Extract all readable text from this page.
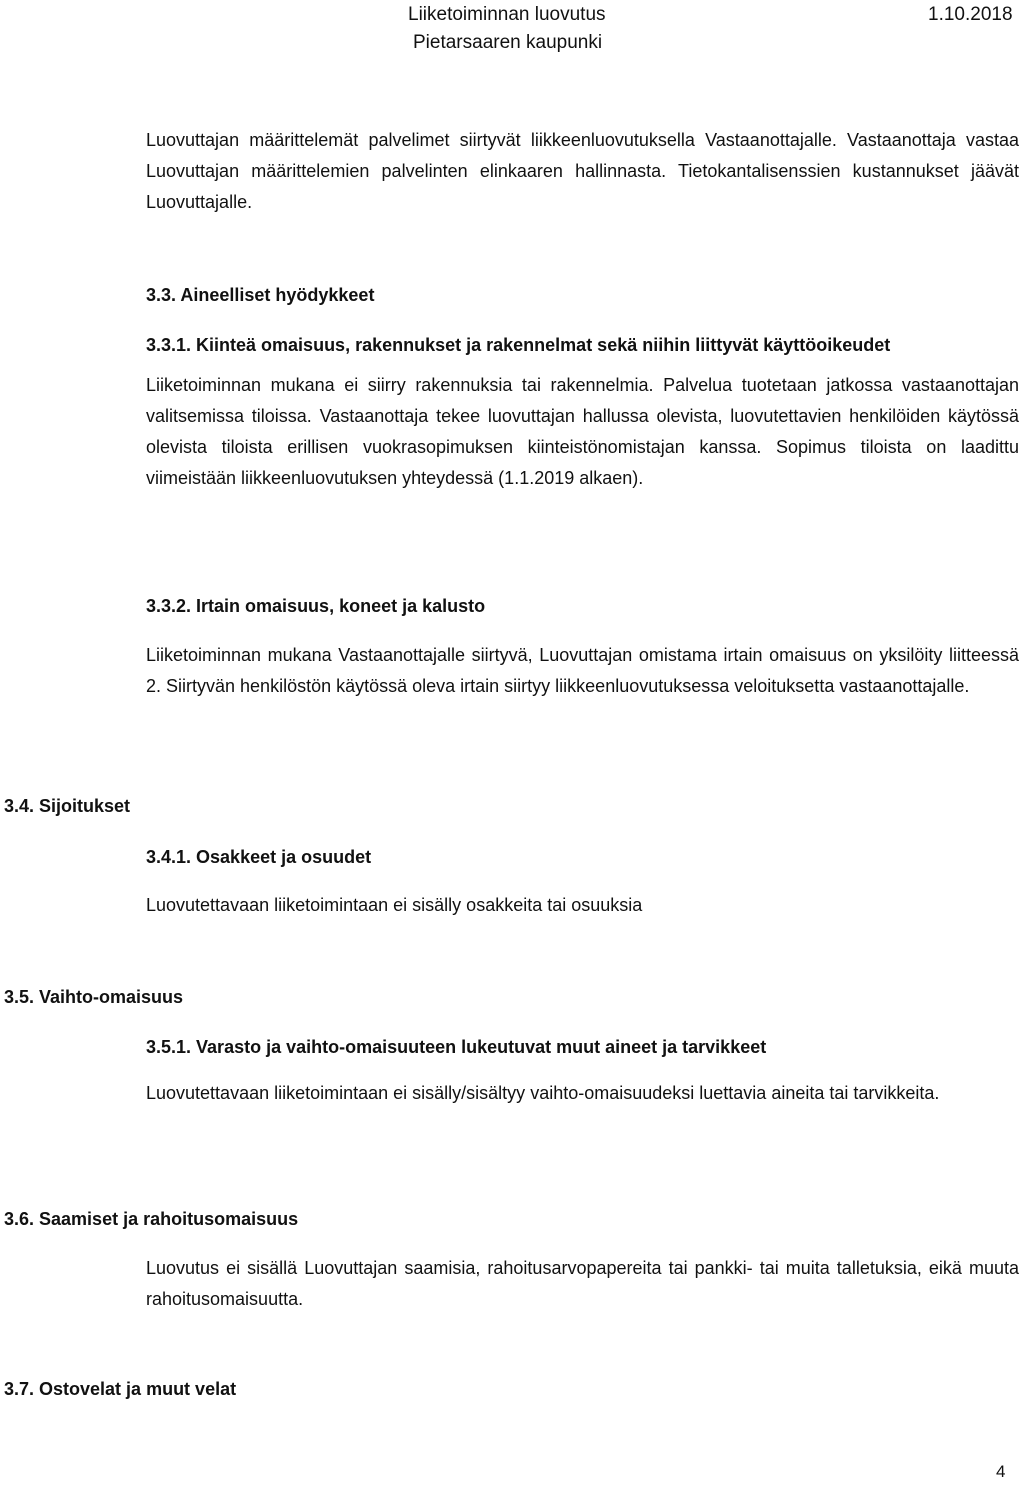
Liiketoiminnan luovutus
Pietarsaaren kaupunki
1.10.2018

Luovuttajan määrittelemät palvelimet siirtyvät liikkeenluovutuksella Vastaanottajalle. Vastaanottaja vastaa Luovuttajan määrittelemien palvelinten elinkaaren hallinnasta. Tietokantalisenssien kustannukset jäävät Luovuttajalle.

3.3. Aineelliset hyödykkeet

3.3.1. Kiinteä omaisuus, rakennukset ja rakennelmat sekä niihin liittyvät käyttöoikeudet

Liiketoiminnan mukana ei siirry rakennuksia tai rakennelmia. Palvelua tuotetaan jatkossa vastaanottajan valitsemissa tiloissa. Vastaanottaja tekee luovuttajan hallussa olevista, luovutettavien henkilöiden käytössä olevista tiloista erillisen vuokrasopimuksen kiinteistönomistajan kanssa. Sopimus tiloista on laadittu viimeistään liikkeenluovutuksen yhteydessä (1.1.2019 alkaen).

3.3.2. Irtain omaisuus, koneet ja kalusto

Liiketoiminnan mukana Vastaanottajalle siirtyvä, Luovuttajan omistama irtain omaisuus on yksilöity liitteessä 2. Siirtyvän henkilöstön käytössä oleva irtain siirtyy liikkeenluovutuksessa veloituksetta vastaanottajalle.

3.4. Sijoitukset

3.4.1. Osakkeet ja osuudet

Luovutettavaan liiketoimintaan ei sisälly osakkeita tai osuuksia

3.5. Vaihto-omaisuus

3.5.1. Varasto ja vaihto-omaisuuteen lukeutuvat muut aineet ja tarvikkeet

Luovutettavaan liiketoimintaan ei sisälly/sisältyy vaihto-omaisuudeksi luettavia aineita tai tarvikkeita.

3.6. Saamiset ja rahoitusomaisuus

Luovutus ei sisällä Luovuttajan saamisia, rahoitusarvopapereita tai pankki- tai muita talletuksia, eikä muuta rahoitusomaisuutta.

3.7. Ostovelat ja muut velat

4
